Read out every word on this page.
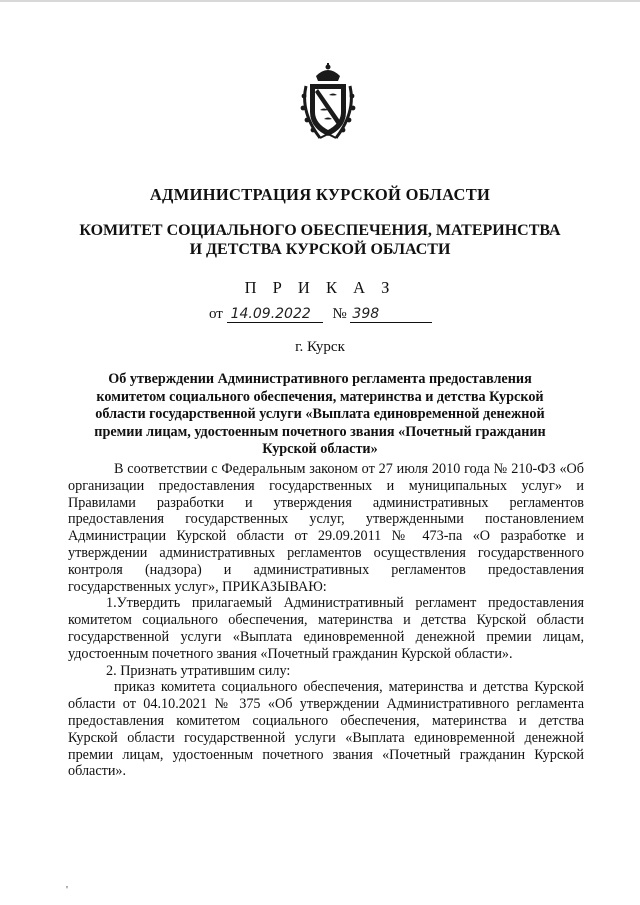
АДМИНИСТРАЦИЯ КУРСКОЙ ОБЛАСТИ
КОМИТЕТ СОЦИАЛЬНОГО ОБЕСПЕЧЕНИЯ, МАТЕРИНСТВА
И ДЕТСТВА КУРСКОЙ ОБЛАСТИ
П Р И К А З
от 14.09.2022 № 398
г. Курск
Об утверждении Административного регламента предоставления
комитетом социального обеспечения, материнства и детства Курской
области государственной услуги «Выплата единовременной денежной
премии лицам, удостоенным почетного звания «Почетный гражданин
Курской области»

В соответствии с Федеральным законом от 27 июля 2010 года № 210-ФЗ «Об организации предоставления государственных и муниципальных услуг» и Правилами разработки и утверждения административных регламентов предоставления государственных услуг, утвержденными постановлением Администрации Курской области от 29.09.2011 № 473-па «О разработке и утверждении административных регламентов осуществления государственного контроля (надзора) и административных регламентов предоставления государственных услуг», ПРИКАЗЫВАЮ:

1.Утвердить прилагаемый Административный регламент предоставления комитетом социального обеспечения, материнства и детства Курской области государственной услуги «Выплата единовременной денежной премии лицам, удостоенным почетного звания «Почетный гражданин Курской области».

2. Признать утратившим силу:

приказ комитета социального обеспечения, материнства и детства Курской области от 04.10.2021 № 375 «Об утверждении Административного регламента предоставления комитетом социального обеспечения, материнства и детства Курской области государственной услуги «Выплата единовременной денежной премии лицам, удостоенным почетного звания «Почетный гражданин Курской области».

'
